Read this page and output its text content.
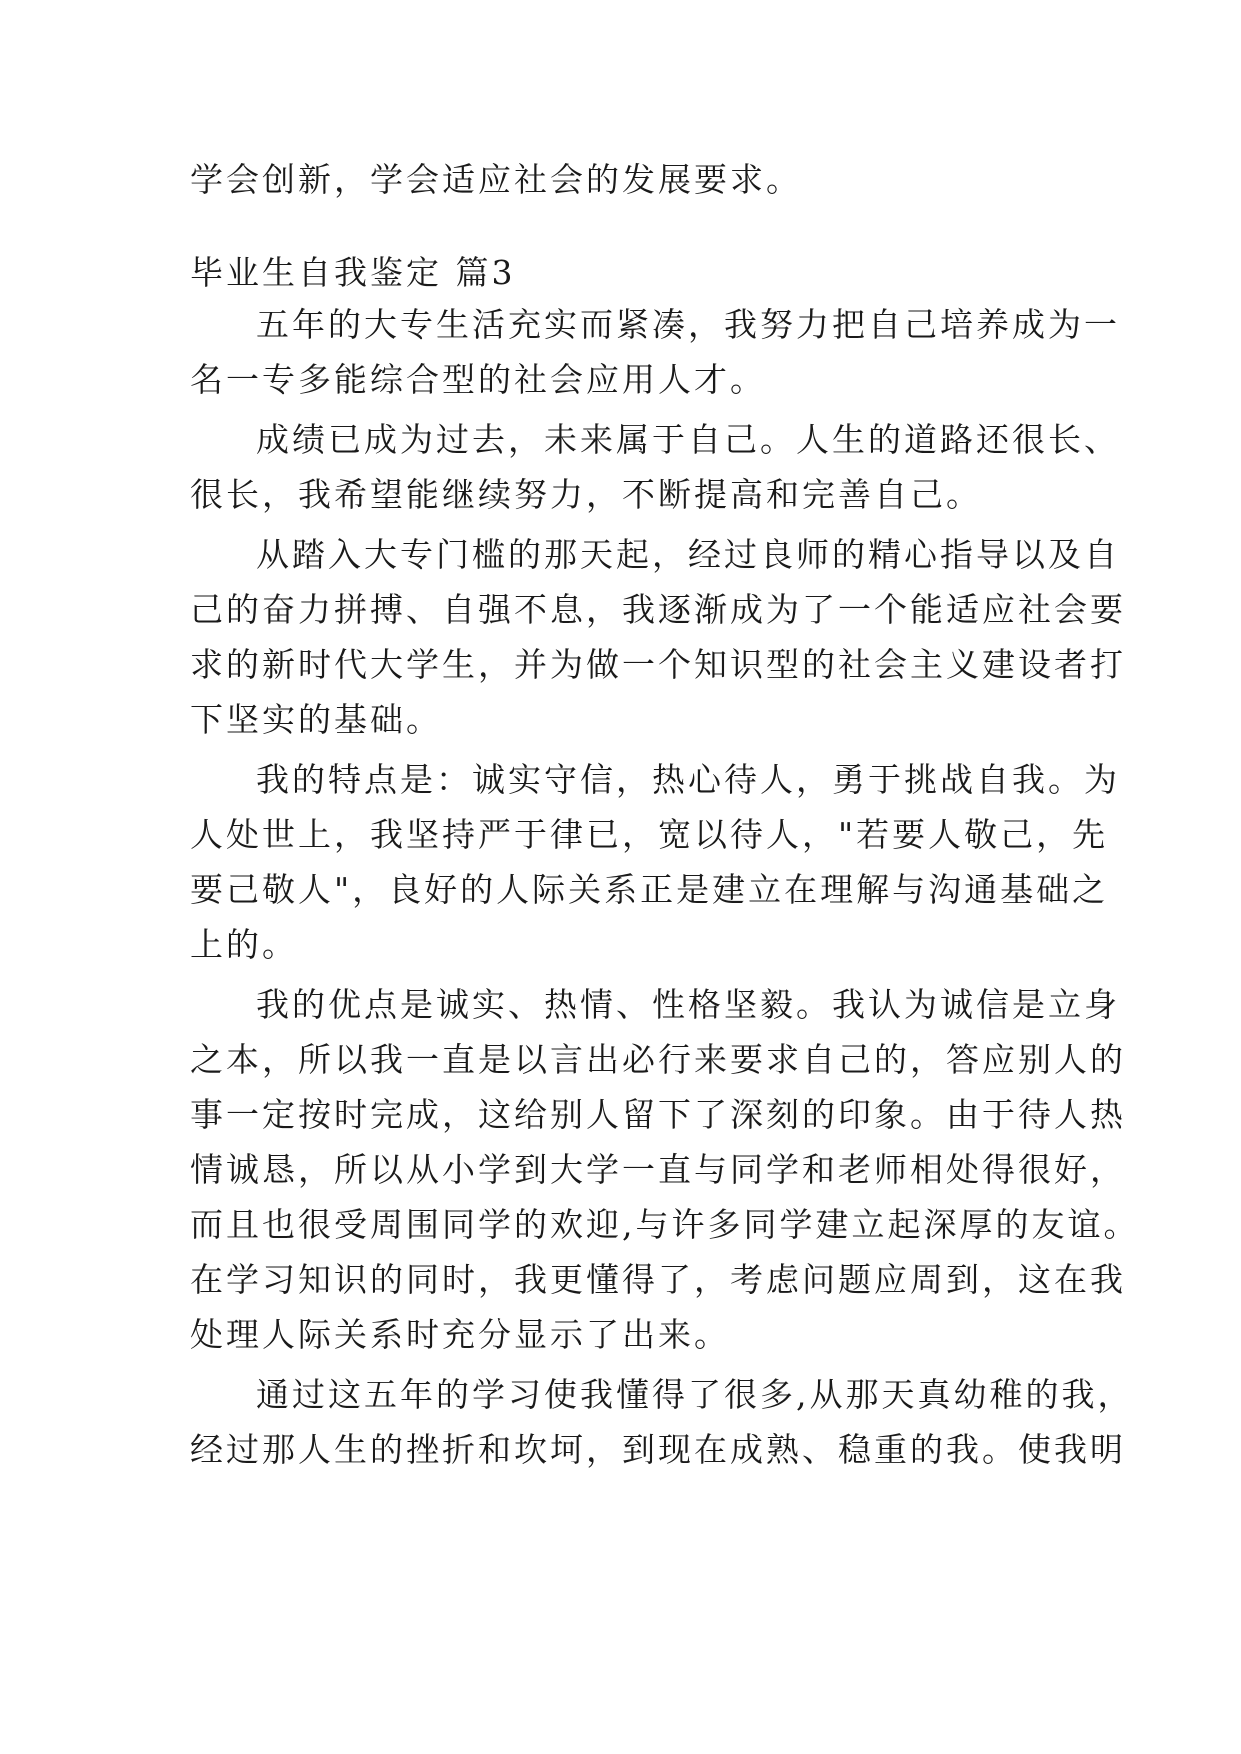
学会创新，学会适应社会的发展要求。
毕业生自我鉴定 篇3
五年的大专生活充实而紧凑，我努力把自己培养成为一
名一专多能综合型的社会应用人才。
成绩已成为过去，未来属于自己。人生的道路还很长、
很长，我希望能继续努力，不断提高和完善自己。
从踏入大专门槛的那天起，经过良师的精心指导以及自
己的奋力拼搏、自强不息，我逐渐成为了一个能适应社会要
求的新时代大学生，并为做一个知识型的社会主义建设者打
下坚实的基础。
我的特点是：诚实守信，热心待人，勇于挑战自我。为
人处世上，我坚持严于律已，宽以待人，"若要人敬己，先
要己敬人"，良好的人际关系正是建立在理解与沟通基础之
上的。
我的优点是诚实、热情、性格坚毅。我认为诚信是立身
之本，所以我一直是以言出必行来要求自己的，答应别人的
事一定按时完成，这给别人留下了深刻的印象。由于待人热
情诚恳，所以从小学到大学一直与同学和老师相处得很好，
而且也很受周围同学的欢迎,与许多同学建立起深厚的友谊。
在学习知识的同时，我更懂得了，考虑问题应周到，这在我
处理人际关系时充分显示了出来。
通过这五年的学习使我懂得了很多,从那天真幼稚的我，
经过那人生的挫折和坎坷，到现在成熟、稳重的我。使我明
